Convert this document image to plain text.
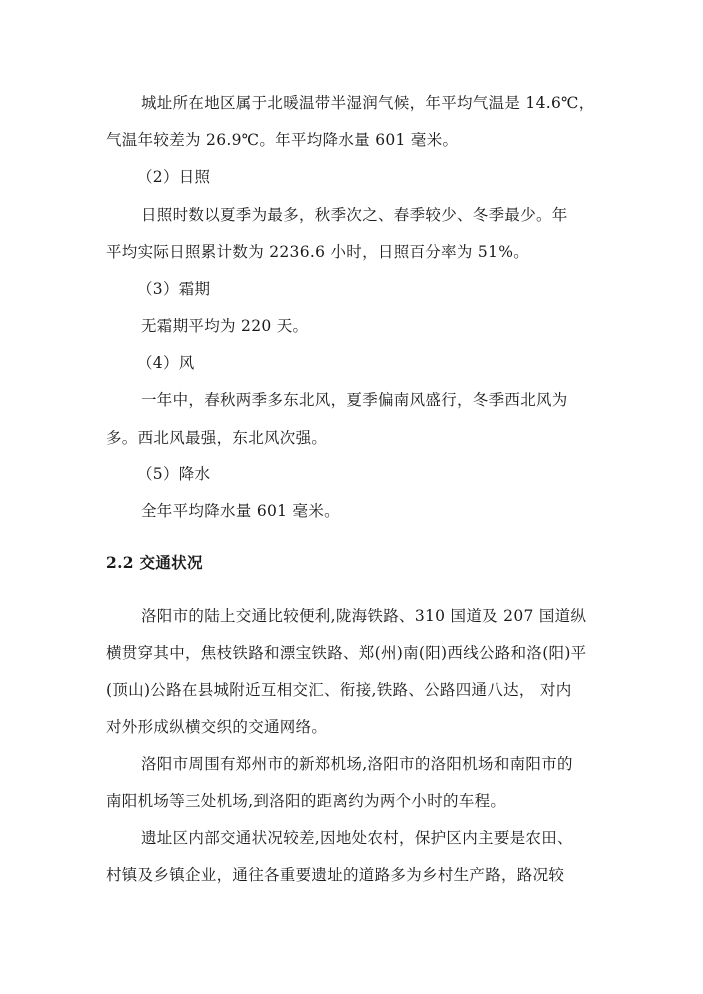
城址所在地区属于北暖温带半湿润气候，年平均气温是 14.6℃，
气温年较差为 26.9℃。年平均降水量 601 毫米。
（2）日照
日照时数以夏季为最多，秋季次之、春季较少、冬季最少。年
平均实际日照累计数为 2236.6 小时，日照百分率为 51%。
（3）霜期
无霜期平均为 220 天。
（4）风
一年中，春秋两季多东北风，夏季偏南风盛行，冬季西北风为
多。西北风最强，东北风次强。
（5）降水
全年平均降水量 601 毫米。
2.2 交通状况
洛阳市的陆上交通比较便利,陇海铁路、310 国道及 207 国道纵
横贯穿其中，焦枝铁路和漂宝铁路、郑(州)南(阳)西线公路和洛(阳)平
(顶山)公路在县城附近互相交汇、衔接,铁路、公路四通八达， 对内
对外形成纵横交织的交通网络。
洛阳市周围有郑州市的新郑机场,洛阳市的洛阳机场和南阳市的
南阳机场等三处机场,到洛阳的距离约为两个小时的车程。
遗址区内部交通状况较差,因地处农村，保护区内主要是农田、
村镇及乡镇企业，通往各重要遗址的道路多为乡村生产路，路况较
